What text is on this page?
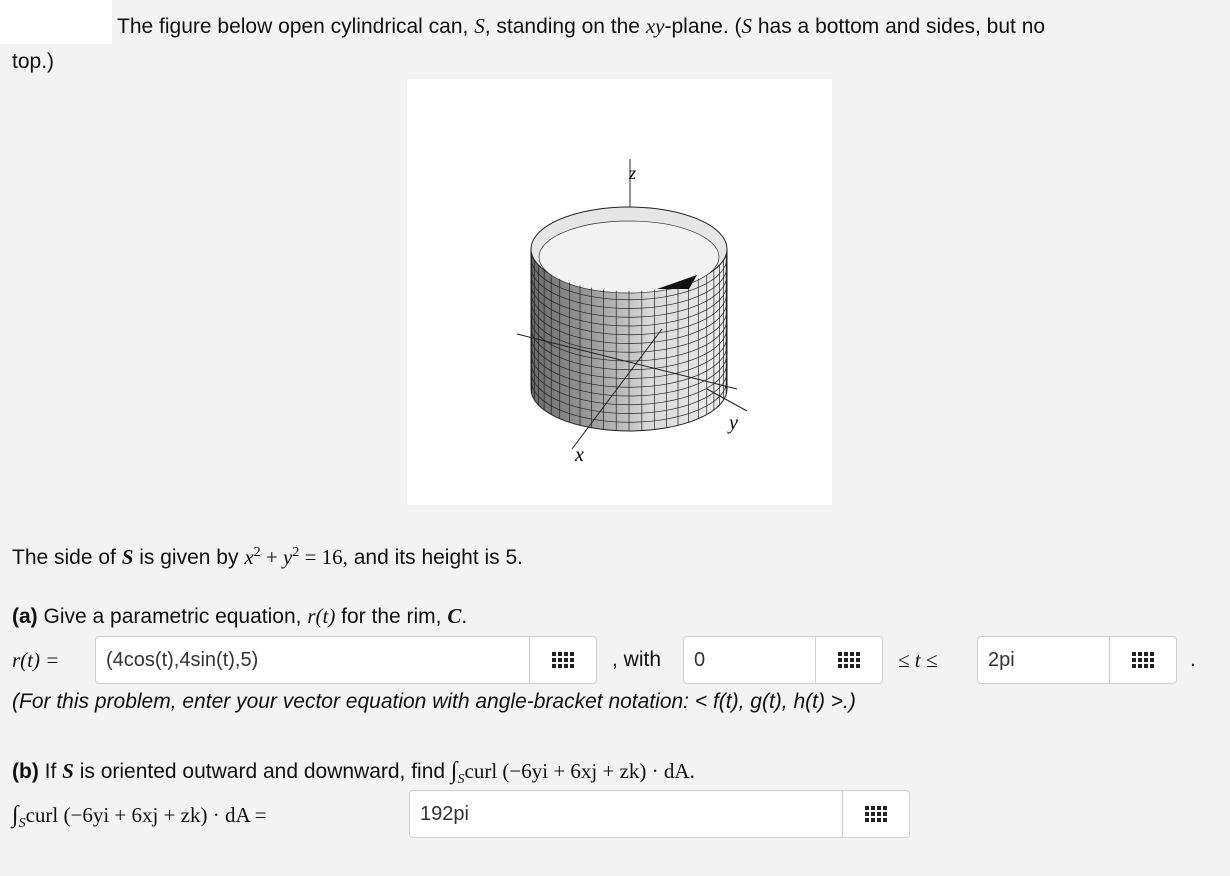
The figure below open cylindrical can, S, standing on the xy-plane. (S has a bottom and sides, but no
top.)
z
y
x
The side of S is given by $x^2 + y^2 = 16$, and its height is 5.
(a) Give a parametric equation, r(t) for the rim, C.
r(t) = (4cos(t),4sin(t),5)	, with 0	≤ t ≤	2pi	.
(For this problem, enter your vector equation with angle-bracket notation: < f(t), g(t), h(t) >.)
(b) If S is oriented outward and downward, find $\int_Scurl$ (−6yi + 6xj + zk) · dA.
$\int_Scurl$ (−6yi + 6xj + zk) · dA =	192pi
